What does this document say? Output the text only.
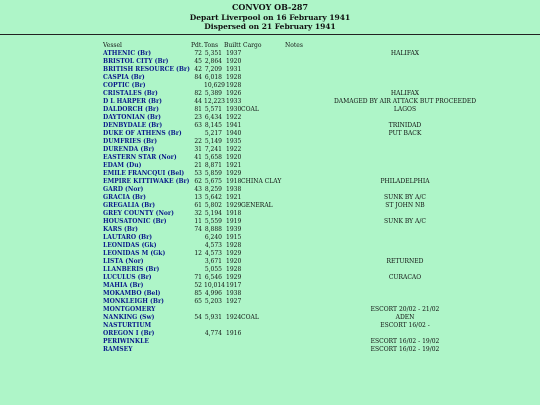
CONVOY OB-287
Depart Liverpool on 16 February 1941
Dispersed on 21 February 1941
Vessel	Pdt. Tons Builtt Cargo	Notes
ATHENIC (Br)	72 5,351 1937	HALIFAX
BRISTOL CITY (Br)	45 2,864 1920
BRITISH RESOURCE (Br) 42 7,209 1931
CASPIA (Br)	84 6,018 1928
COPTIC (Br)	10,629 1928
CRISTALES (Br)	82 5,389 1926	HALIFAX
D L HARPER (Br)	44 12,223 1933	DAMAGED BY AIR ATTACK BUT PROCEEDED
DALDORCH (Br)	81 5,571 1930 COAL	LAGOS
DAYTONIAN (Br)	23 6,434 1922
DENBYDALE (Br)	63 8,145 1941	TRINIDAD
DUKE OF ATHENS (Br)	5,217 1940	PUT BACK
DUMFRIES (Br)	22 5,149 1935
DURENDA (Br)	31 7,241 1922
EASTERN STAR (Nor)	41 5,658 1920
EDAM (Du)	21 8,871 1921
EMILE FRANCQUI (Bel)	53 5,859 1929
EMPIRE KITTIWAKE (Br) 62 5,675 1918 CHINA CLAY	PHILADELPHIA
GARD (Nor)	43 8,259 1938
GRACIA (Br)	13 5,642 1921	SUNK BY A/C
GREGALIA (Br)	61 5,802 1929 GENERAL	ST JOHN NB
GREY COUNTY (Nor)	32 5,194 1918
HOUSATONIC (Br)	11 5,559 1919	SUNK BY A/C
KARS (Br)	74 8,888 1939
LAUTARO (Br)	6,240 1915
LEONIDAS (Gk)	4,573 1928
LEONIDAS M (Gk)	12 4,573 1929
LISTA (Nor)	3,671 1920	RETURNED
LLANBERIS (Br)	5,055 1928
LUCULUS (Br)	71 6,546 1929	CURACAO
MAHIA (Br)	52 10,014 1917
MOKAMBO (Bel)	85 4,996 1938
MONKLEIGH (Br)	65 5,203 1927
MONTGOMERY	ESCORT 20/02 - 21/02
NANKING (Sw)	54 5,931 1924 COAL	ADEN
NASTURTIUM	ESCORT 16/02 -
OREGON I (Br)	4,774 1916
PERIWINKLE	ESCORT 16/02 - 19/02
RAMSEY	ESCORT 16/02 - 19/02
